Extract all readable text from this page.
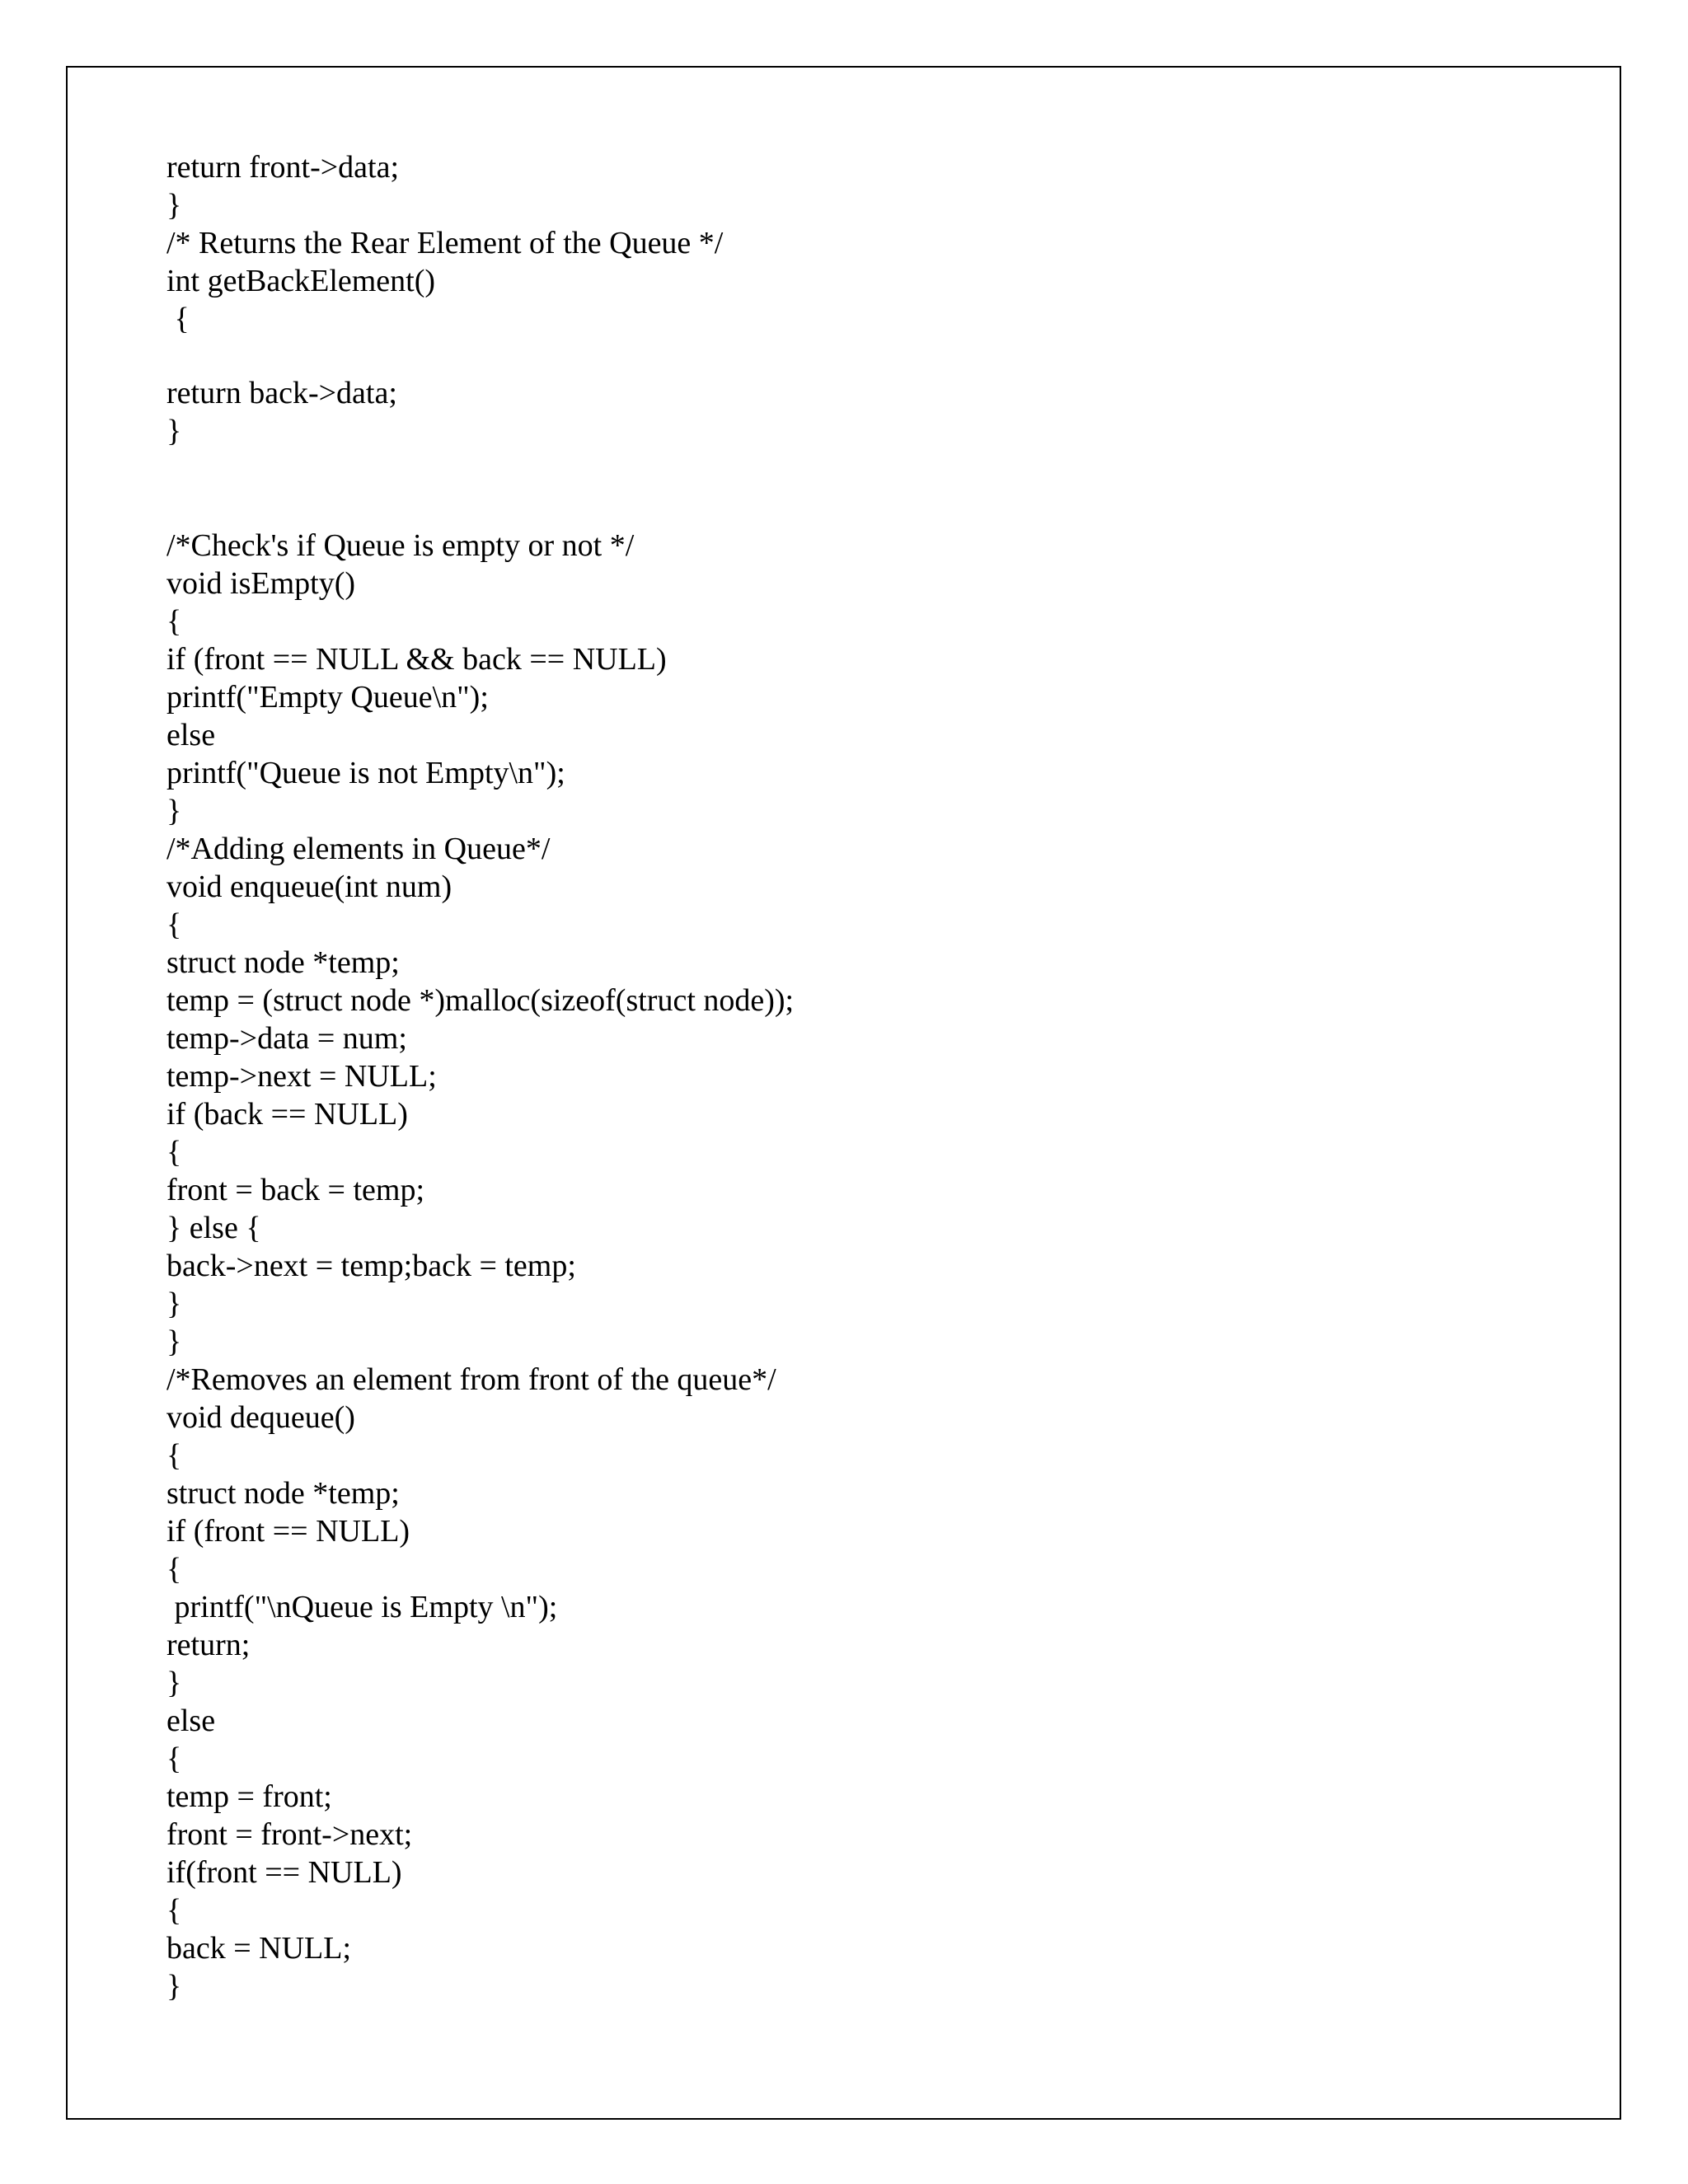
return front->data;

}

/* Returns the Rear Element of the Queue */

int getBackElement()

{

return back->data;

}

/*Check's if Queue is empty or not */

void isEmpty()

{

if (front == NULL && back == NULL)

printf("Empty Queue\n");

else

printf("Queue is not Empty\n");

}

/*Adding elements in Queue*/

void enqueue(int num)

{

struct node *temp;

temp = (struct node *)malloc(sizeof(struct node));

temp->data = num;

temp->next = NULL;

if (back == NULL)

{

front = back = temp;

} else {

back->next = temp;back = temp;

}

}

/*Removes an element from front of the queue*/

void dequeue()

{

struct node *temp;

if (front == NULL)

{

printf("\nQueue is Empty \n");

return;

}

else

{

temp = front;

front = front->next;

if(front == NULL)

{

back = NULL;

}
